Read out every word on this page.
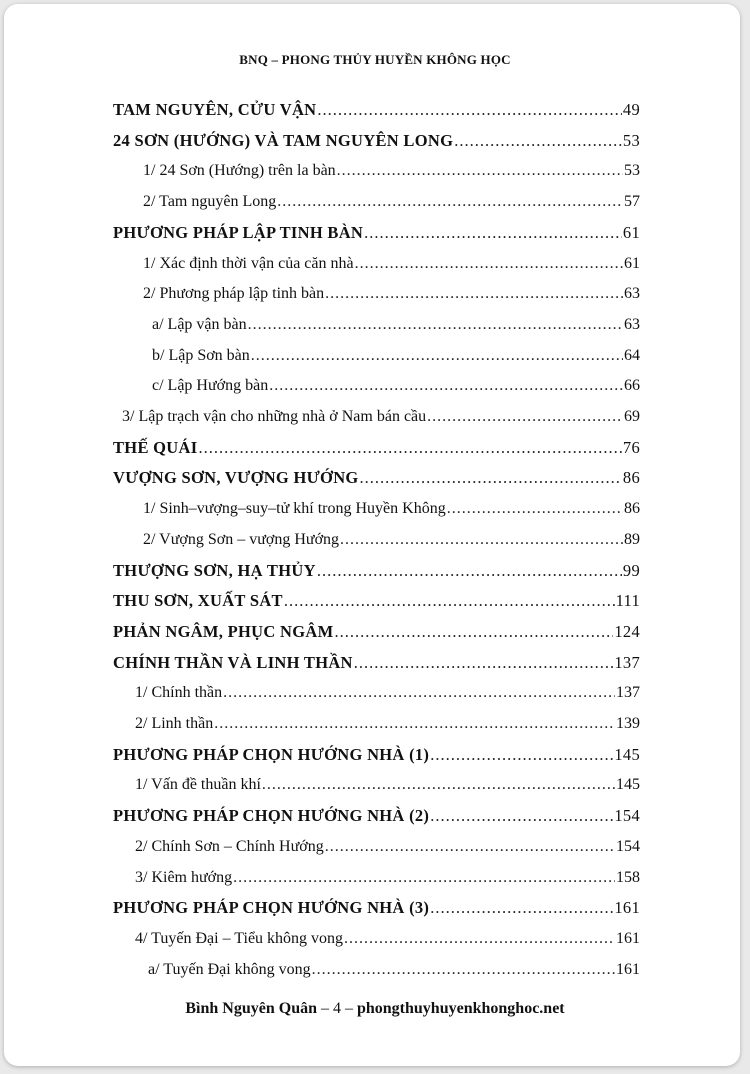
BNQ – PHONG THỦY HUYỀN KHÔNG HỌC
TAM NGUYÊN, CỬU VẬN .....	49
24 SƠN (HƯỚNG) VÀ TAM NGUYÊN LONG .....	53
1/ 24 Sơn (Hướng) trên la bàn .....	53
2/ Tam nguyên Long .....	57
PHƯƠNG PHÁP LẬP TINH BÀN .....	61
1/ Xác định thời vận của căn nhà .....	61
2/ Phương pháp lập tinh bàn .....	63
a/ Lập vận bàn .....	63
b/ Lập Sơn bàn .....	64
c/ Lập Hướng bàn .....	66
3/ Lập trạch vận cho những nhà ở Nam bán cầu .....	69
THẾ QUÁI .....	76
VƯỢNG SƠN, VƯỢNG HƯỚNG .....	86
1/ Sinh–vượng–suy–tử khí trong Huyền Không .....	86
2/ Vượng Sơn – vượng Hướng .....	89
THƯỢNG SƠN, HẠ THỦY .....	99
THU SƠN, XUẤT SÁT .....	111
PHẢN NGÂM, PHỤC NGÂM .....	124
CHÍNH THẦN VÀ LINH THẦN .....	137
1/ Chính thần .....	137
2/ Linh thần .....	139
PHƯƠNG PHÁP CHỌN HƯỚNG NHÀ (1) .....	145
1/ Vấn đề thuần khí .....	145
PHƯƠNG PHÁP CHỌN HƯỚNG NHÀ (2) .....	154
2/ Chính Sơn – Chính Hướng .....	154
3/ Kiêm hướng .....	158
PHƯƠNG PHÁP CHỌN HƯỚNG NHÀ (3) .....	161
4/ Tuyến Đại – Tiểu không vong .....	161
a/ Tuyến Đại không vong .....	161
Bình Nguyên Quân – 4 – phongthuyhuyenkhonghoc.net
